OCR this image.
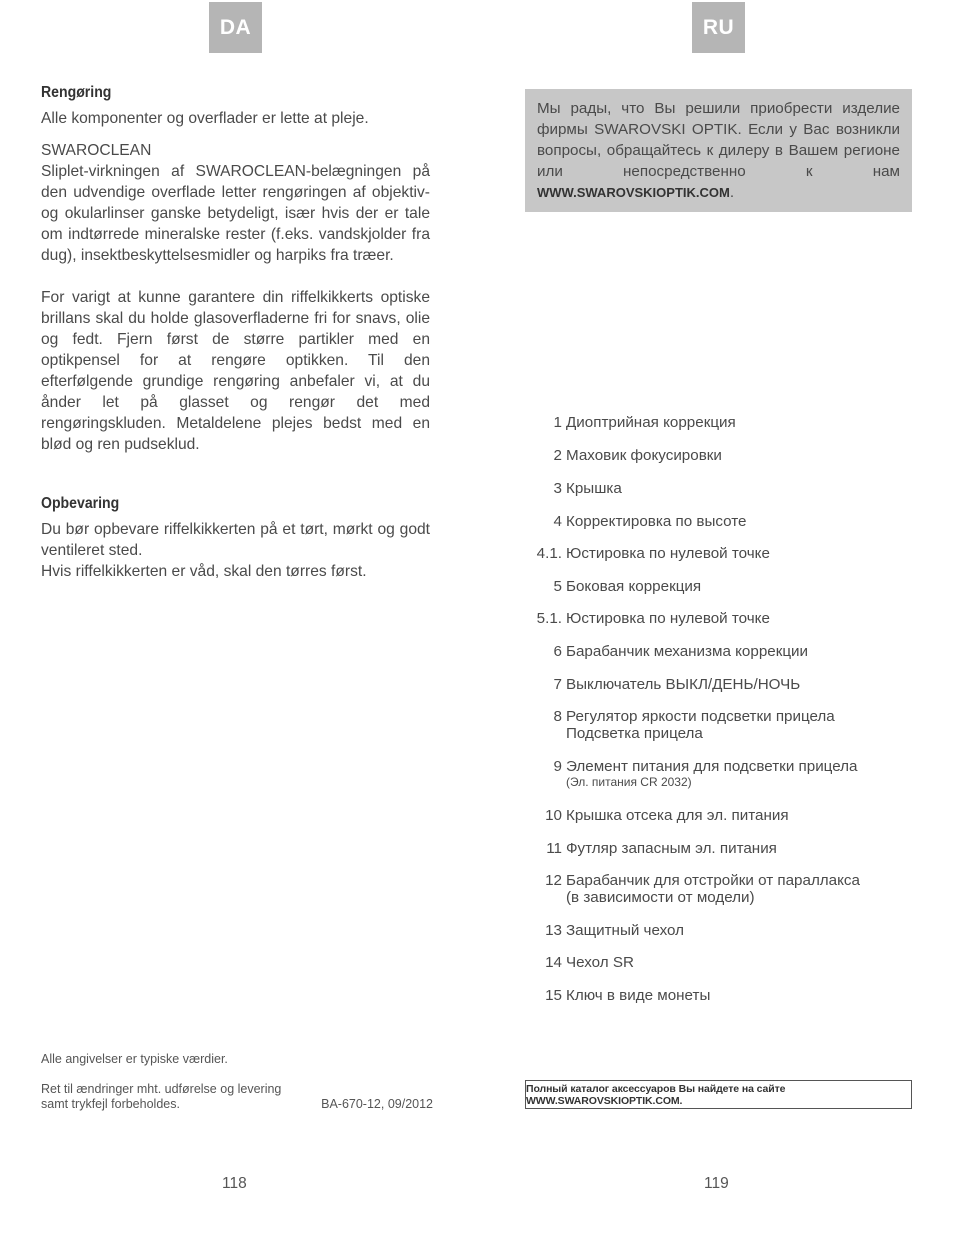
DA	RU
Rengøring

Alle komponenter og overflader er lette at pleje.

SWAROCLEAN

Sliplet-virkningen af SWAROCLEAN-belægningen på den udvendige overflade letter rengøringen af objektiv- og okularlinser ganske betydeligt, især hvis der er tale om indtørrede mineralske rester (f.eks. vandskjolder fra dug), insektbeskyttelsesmidler og harpiks fra træer.

For varigt at kunne garantere din riffelkikkerts optiske brillans skal du holde glasoverfladerne fri for snavs, olie og fedt. Fjern først de større partikler med en optikpensel for at rengøre optikken. Til den efterfølgende grundige rengøring anbefaler vi, at du ånder let på glasset og rengør det med rengøringskluden. Metaldelene plejes bedst med en blød og ren pudseklud.

Opbevaring

Du bør opbevare riffelkikkerten på et tørt, mørkt og godt ventileret sted.

Hvis riffelkikkerten er våd, skal den tørres først.

Alle angivelser er typiske værdier.
Ret til ændringer mht. udførelse og levering
samt trykfejl forbeholdes.	BA-670-12, 09/2012
Мы рады, что Вы решили приобрести изделие фирмы SWAROVSKI OPTIK. Если у Вас возникли вопросы, обращайтесь к дилеру в Вашем регионе или непосредственно к нам WWW.SWAROVSKIOPTIK.COM.
1 Диоптрийная коррекция
2 Маховик фокусировки
3 Крышка
4 Корректировка по высоте
4.1. Юстировка по нулевой точке
5 Боковая коррекция
5.1. Юстировка по нулевой точке
6 Барабанчик механизма коррекции
7 Выключатель ВЫКЛ/ДЕНЬ/НОЧЬ
8 Регулятор яркости подсветки прицела
Подсветка прицела
9 Элемент питания для подсветки прицела
(Эл. питания CR 2032)
10 Крышка отсека для эл. питания
11 Футляр запасным эл. питания
12 Барабанчик для отстройки от параллакса
(в зависимости от модели)
13 Защитный чехол
14 Чехол SR
15 Ключ в виде монеты
Полный каталог аксессуаров Вы найдете на сайте WWW.SWAROVSKIOPTIK.COM.
118	119
